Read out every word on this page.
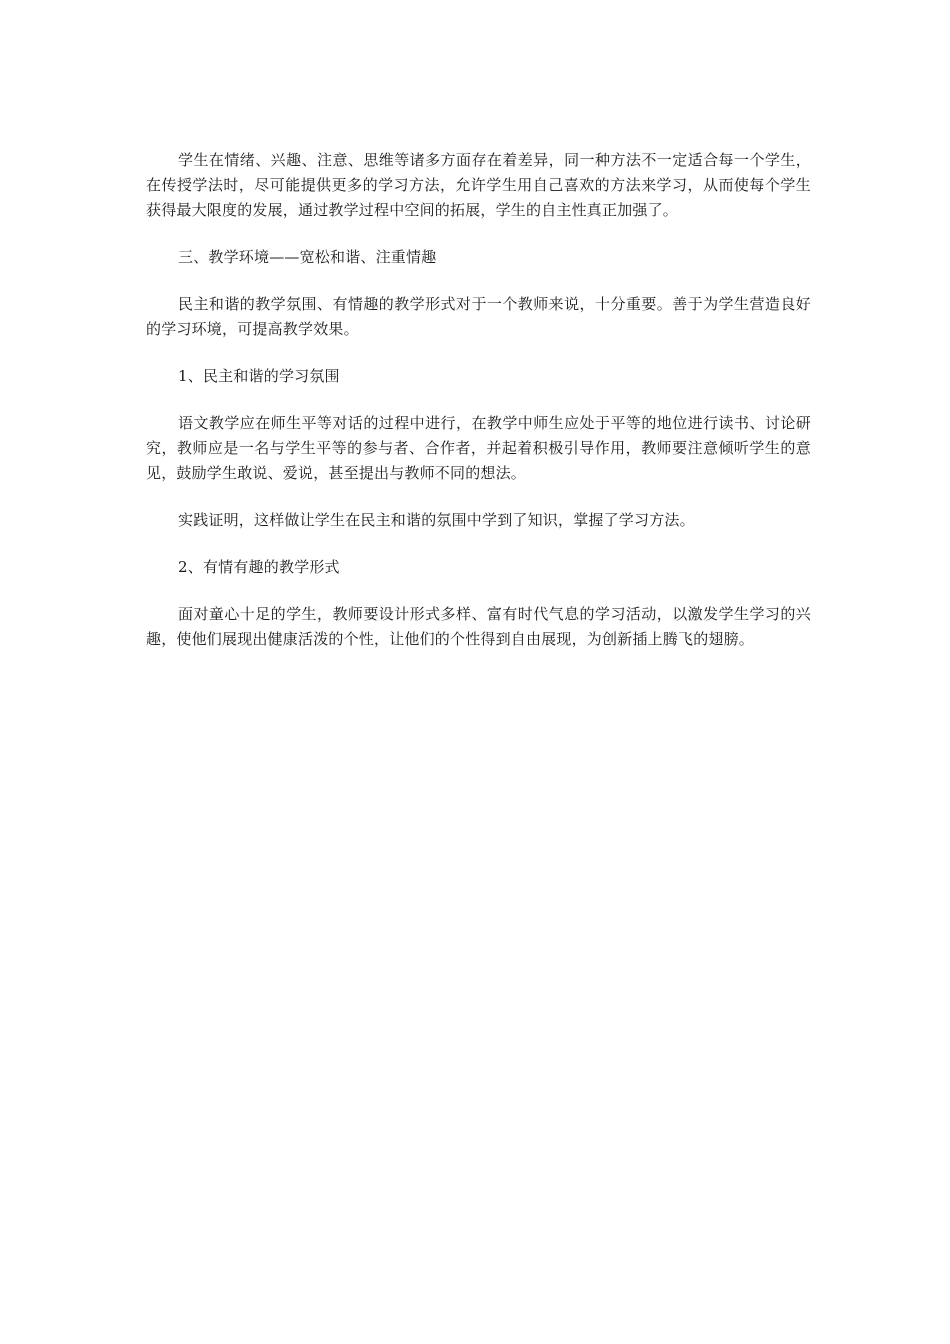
学生在情绪、兴趣、注意、思维等诸多方面存在着差异，同一种方法不一定适合每一个学生，在传授学法时，尽可能提供更多的学习方法，允许学生用自己喜欢的方法来学习，从而使每个学生获得最大限度的发展，通过教学过程中空间的拓展，学生的自主性真正加强了。

三、教学环境——宽松和谐、注重情趣

民主和谐的教学氛围、有情趣的教学形式对于一个教师来说，十分重要。善于为学生营造良好的学习环境，可提高教学效果。

1、民主和谐的学习氛围

语文教学应在师生平等对话的过程中进行，在教学中师生应处于平等的地位进行读书、讨论研究，教师应是一名与学生平等的参与者、合作者，并起着积极引导作用，教师要注意倾听学生的意见，鼓励学生敢说、爱说，甚至提出与教师不同的想法。

实践证明，这样做让学生在民主和谐的氛围中学到了知识，掌握了学习方法。

2、有情有趣的教学形式

面对童心十足的学生，教师要设计形式多样、富有时代气息的学习活动，以激发学生学习的兴趣，使他们展现出健康活泼的个性，让他们的个性得到自由展现，为创新插上腾飞的翅膀。
